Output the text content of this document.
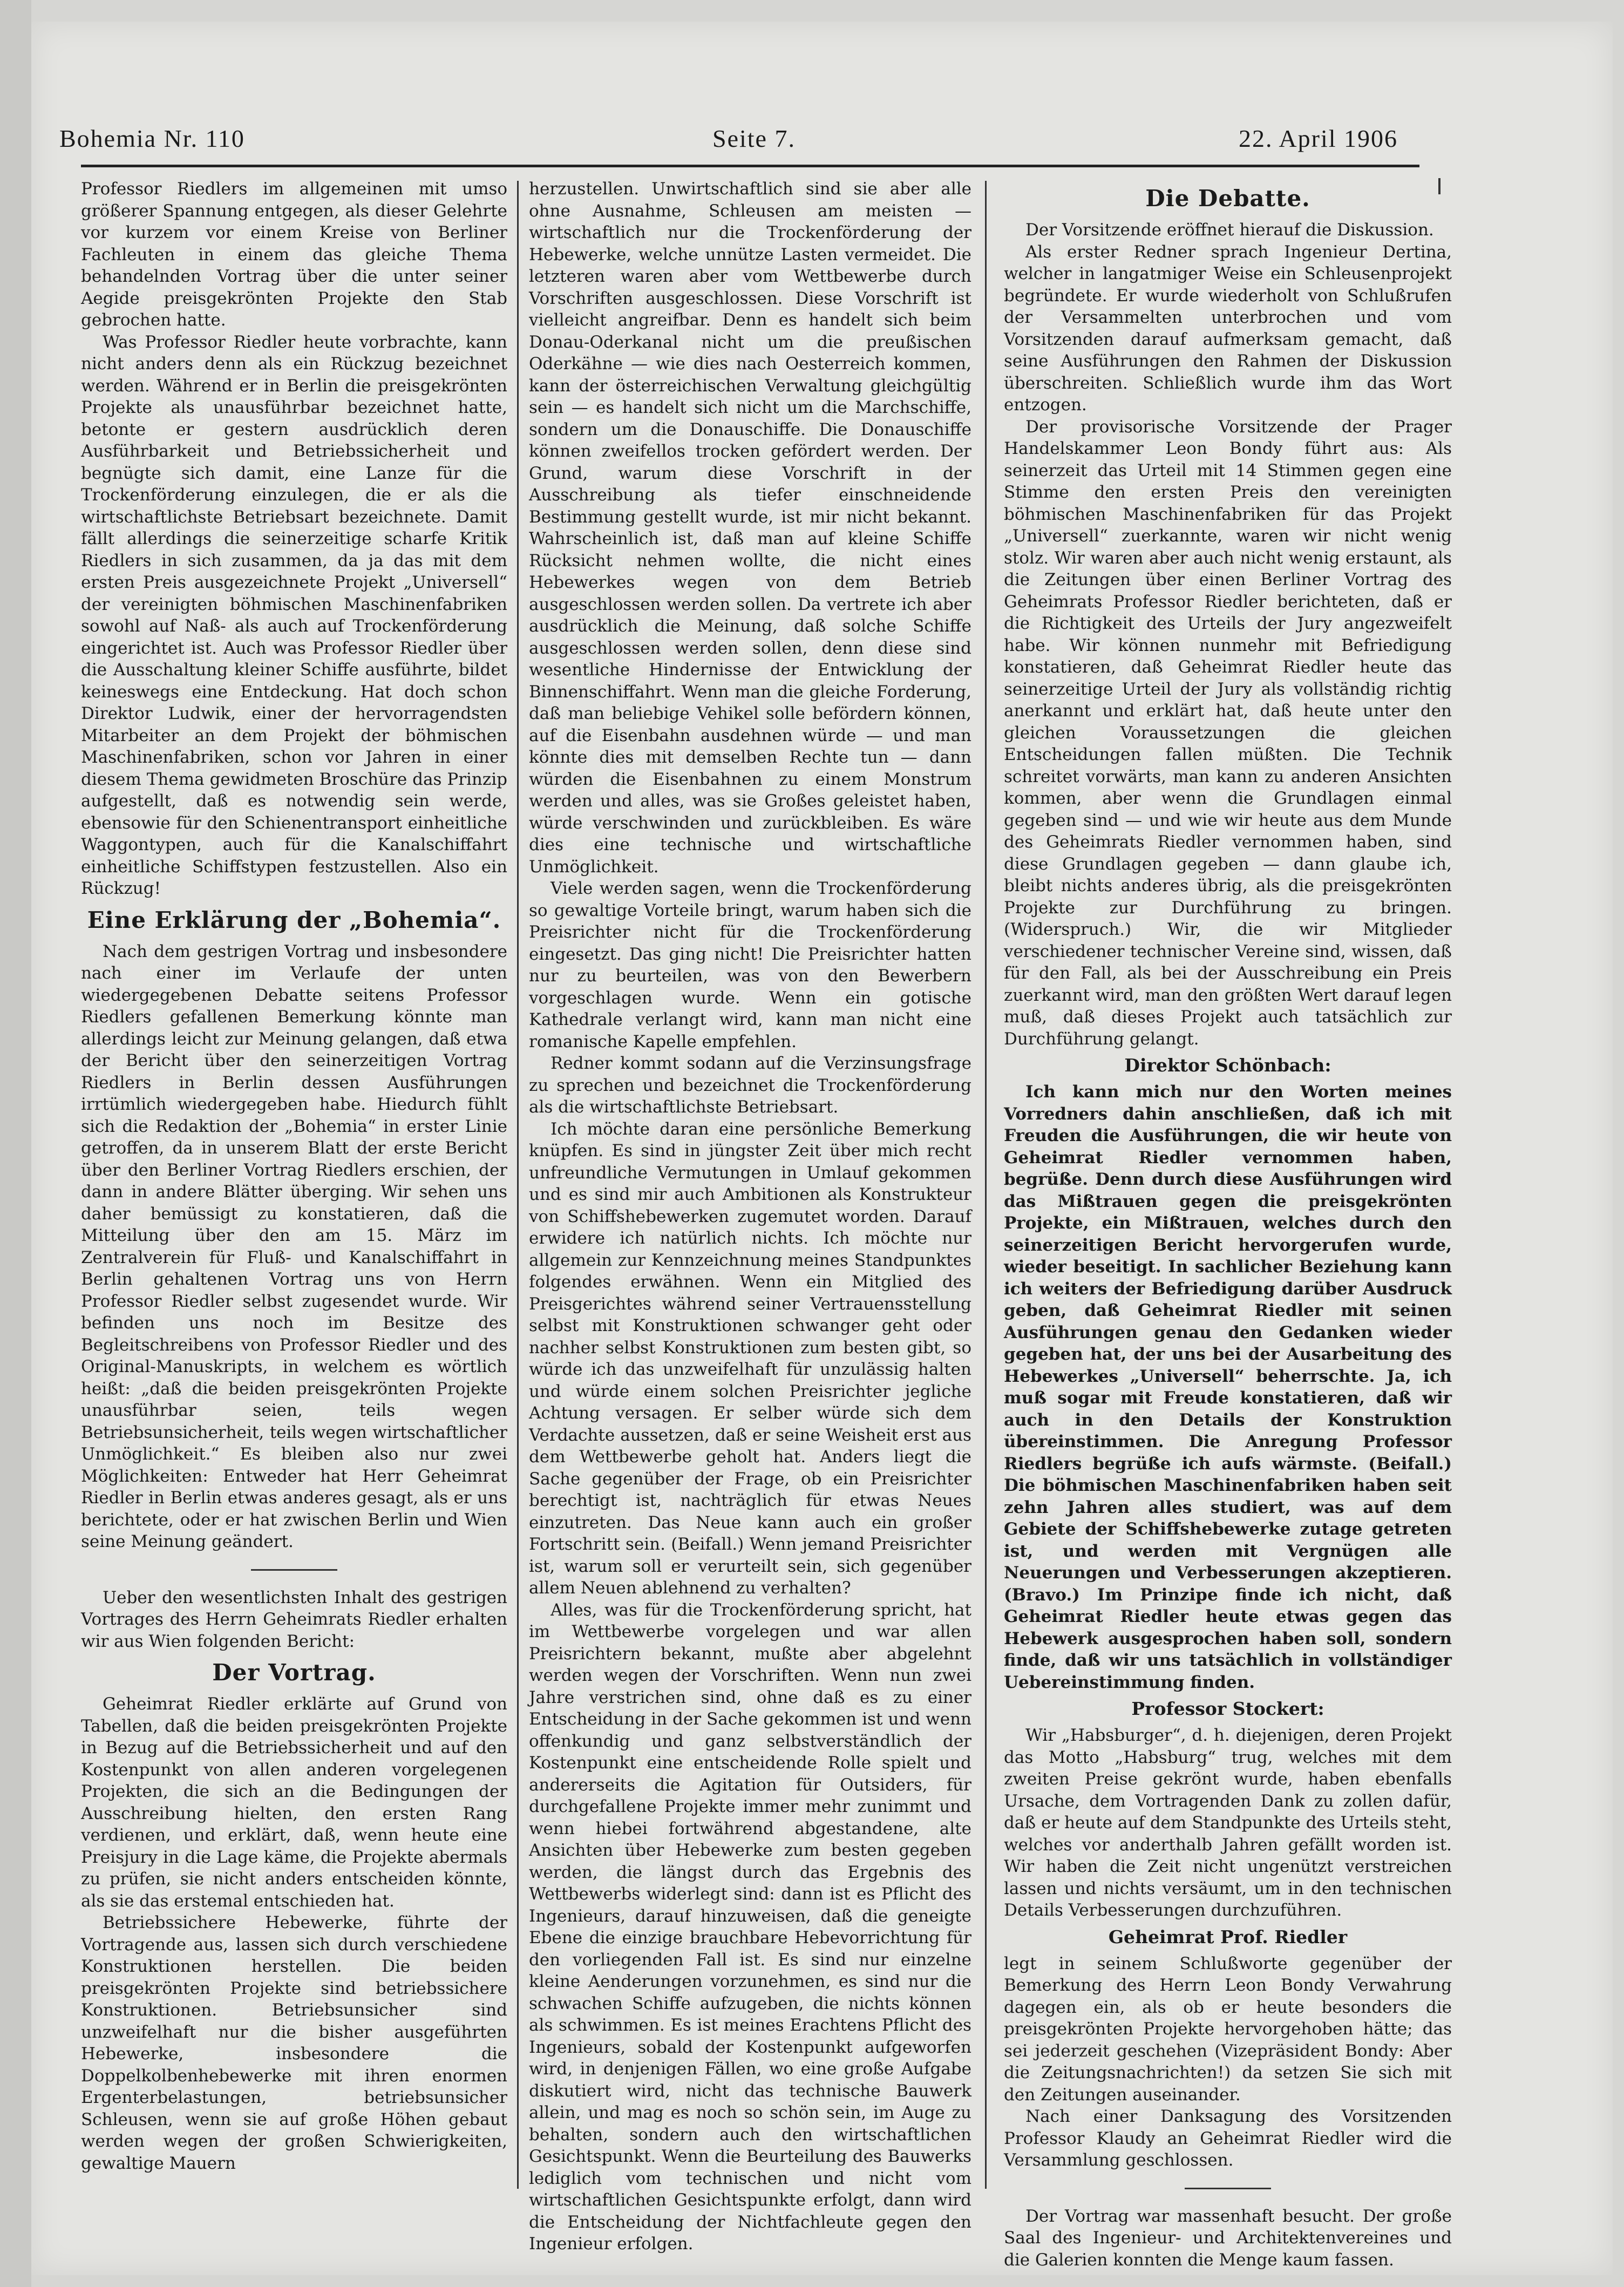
Bohemia Nr. 110	Seite 7.	22. April 1906

Professor Riedlers im allgemeinen mit umso größerer Spannung entgegen, als dieser Gelehrte vor kurzem vor einem Kreise von Berliner Fachleuten in einem das gleiche Thema behandelnden Vortrag über die unter seiner Aegide preisgekrönten Projekte den Stab gebrochen hatte.

Was Professor Riedler heute vorbrachte, kann nicht anders denn als ein Rückzug bezeichnet werden. Während er in Berlin die preisgekrönten Projekte als unausführbar bezeichnet hatte, betonte er gestern ausdrücklich deren Ausführbarkeit und Betriebssicherheit und begnügte sich damit, eine Lanze für die Trockenförderung einzulegen, die er als die wirtschaftlichste Betriebsart bezeichnete. Damit fällt allerdings die seinerzeitige scharfe Kritik Riedlers in sich zusammen, da ja das mit dem ersten Preis ausgezeichnete Projekt „Universell“ der vereinigten böhmischen Maschinenfabriken sowohl auf Naß- als auch auf Trockenförderung eingerichtet ist. Auch was Professor Riedler über die Ausschaltung kleiner Schiffe ausführte, bildet keineswegs eine Entdeckung. Hat doch schon Direktor Ludwik, einer der hervorragendsten Mitarbeiter an dem Projekt der böhmischen Maschinenfabriken, schon vor Jahren in einer diesem Thema gewidmeten Broschüre das Prinzip aufgestellt, daß es notwendig sein werde, ebensowie für den Schienentransport einheitliche Waggontypen, auch für die Kanalschiffahrt einheitliche Schiffstypen festzustellen. Also ein Rückzug!

Eine Erklärung der „Bohemia“.

Nach dem gestrigen Vortrag und insbesondere nach einer im Verlaufe der unten wiedergegebenen Debatte seitens Professor Riedlers gefallenen Bemerkung könnte man allerdings leicht zur Meinung gelangen, daß etwa der Bericht über den seinerzeitigen Vortrag Riedlers in Berlin dessen Ausführungen irrtümlich wiedergegeben habe. Hiedurch fühlt sich die Redaktion der „Bohemia“ in erster Linie getroffen, da in unserem Blatt der erste Bericht über den Berliner Vortrag Riedlers erschien, der dann in andere Blätter überging. Wir sehen uns daher bemüssigt zu konstatieren, daß die Mitteilung über den am 15. März im Zentralverein für Fluß- und Kanalschiffahrt in Berlin gehaltenen Vortrag uns von Herrn Professor Riedler selbst zugesendet wurde. Wir befinden uns noch im Besitze des Begleitschreibens von Professor Riedler und des Original-Manuskripts, in welchem es wörtlich heißt: „daß die beiden preisgekrönten Projekte unausführbar seien, teils wegen Betriebsunsicherheit, teils wegen wirtschaftlicher Unmöglichkeit.“ Es bleiben also nur zwei Möglichkeiten: Entweder hat Herr Geheimrat Riedler in Berlin etwas anderes gesagt, als er uns berichtete, oder er hat zwischen Berlin und Wien seine Meinung geändert.

Ueber den wesentlichsten Inhalt des gestrigen Vortrages des Herrn Geheimrats Riedler erhalten wir aus Wien folgenden Bericht:

Der Vortrag.

Geheimrat Riedler erklärte auf Grund von Tabellen, daß die beiden preisgekrönten Projekte in Bezug auf die Betriebssicherheit und auf den Kostenpunkt von allen anderen vorgelegenen Projekten, die sich an die Bedingungen der Ausschreibung hielten, den ersten Rang verdienen, und erklärt, daß, wenn heute eine Preisjury in die Lage käme, die Projekte abermals zu prüfen, sie nicht anders entscheiden könnte, als sie das erstemal entschieden hat.

Betriebssichere Hebewerke, führte der Vortragende aus, lassen sich durch verschiedene Konstruktionen herstellen. Die beiden preisgekrönten Projekte sind betriebssichere Konstruktionen. Betriebsunsicher sind unzweifelhaft nur die bisher ausgeführten Hebewerke, insbesondere die Doppelkolbenhebewerke mit ihren enormen Ergenterbelastungen, betriebsunsicher Schleusen, wenn sie auf große Höhen gebaut werden wegen der großen Schwierigkeiten, gewaltige Mauern

herzustellen. Unwirtschaftlich sind sie aber alle ohne Ausnahme, Schleusen am meisten — wirtschaftlich nur die Trockenförderung der Hebewerke, welche unnütze Lasten vermeidet. Die letzteren waren aber vom Wettbewerbe durch Vorschriften ausgeschlossen. Diese Vorschrift ist vielleicht angreifbar. Denn es handelt sich beim Donau-Oderkanal nicht um die preußischen Oderkähne — wie dies nach Oesterreich kommen, kann der österreichischen Verwaltung gleichgültig sein — es handelt sich nicht um die Marchschiffe, sondern um die Donauschiffe. Die Donauschiffe können zweifellos trocken gefördert werden. Der Grund, warum diese Vorschrift in der Ausschreibung als tiefer einschneidende Bestimmung gestellt wurde, ist mir nicht bekannt. Wahrscheinlich ist, daß man auf kleine Schiffe Rücksicht nehmen wollte, die nicht eines Hebewerkes wegen von dem Betrieb ausgeschlossen werden sollen. Da vertrete ich aber ausdrücklich die Meinung, daß solche Schiffe ausgeschlossen werden sollen, denn diese sind wesentliche Hindernisse der Entwicklung der Binnenschiffahrt. Wenn man die gleiche Forderung, daß man beliebige Vehikel solle befördern können, auf die Eisenbahn ausdehnen würde — und man könnte dies mit demselben Rechte tun — dann würden die Eisenbahnen zu einem Monstrum werden und alles, was sie Großes geleistet haben, würde verschwinden und zurückbleiben. Es wäre dies eine technische und wirtschaftliche Unmöglichkeit.

Viele werden sagen, wenn die Trockenförderung so gewaltige Vorteile bringt, warum haben sich die Preisrichter nicht für die Trockenförderung eingesetzt. Das ging nicht! Die Preisrichter hatten nur zu beurteilen, was von den Bewerbern vorgeschlagen wurde. Wenn ein gotische Kathedrale verlangt wird, kann man nicht eine romanische Kapelle empfehlen.

Redner kommt sodann auf die Verzinsungsfrage zu sprechen und bezeichnet die Trockenförderung als die wirtschaftlichste Betriebsart.

Ich möchte daran eine persönliche Bemerkung knüpfen. Es sind in jüngster Zeit über mich recht unfreundliche Vermutungen in Umlauf gekommen und es sind mir auch Ambitionen als Konstrukteur von Schiffshebewerken zugemutet worden. Darauf erwidere ich natürlich nichts. Ich möchte nur allgemein zur Kennzeichnung meines Standpunktes folgendes erwähnen. Wenn ein Mitglied des Preisgerichtes während seiner Vertrauensstellung selbst mit Konstruktionen schwanger geht oder nachher selbst Konstruktionen zum besten gibt, so würde ich das unzweifelhaft für unzulässig halten und würde einem solchen Preisrichter jegliche Achtung versagen. Er selber würde sich dem Verdachte aussetzen, daß er seine Weisheit erst aus dem Wettbewerbe geholt hat. Anders liegt die Sache gegenüber der Frage, ob ein Preisrichter berechtigt ist, nachträglich für etwas Neues einzutreten. Das Neue kann auch ein großer Fortschritt sein. (Beifall.) Wenn jemand Preisrichter ist, warum soll er verurteilt sein, sich gegenüber allem Neuen ablehnend zu verhalten?

Alles, was für die Trockenförderung spricht, hat im Wettbewerbe vorgelegen und war allen Preisrichtern bekannt, mußte aber abgelehnt werden wegen der Vorschriften. Wenn nun zwei Jahre verstrichen sind, ohne daß es zu einer Entscheidung in der Sache gekommen ist und wenn offenkundig und ganz selbstverständlich der Kostenpunkt eine entscheidende Rolle spielt und andererseits die Agitation für Outsiders, für durchgefallene Projekte immer mehr zunimmt und wenn hiebei fortwährend abgestandene, alte Ansichten über Hebewerke zum besten gegeben werden, die längst durch das Ergebnis des Wettbewerbs widerlegt sind: dann ist es Pflicht des Ingenieurs, darauf hinzuweisen, daß die geneigte Ebene die einzige brauchbare Hebevorrichtung für den vorliegenden Fall ist. Es sind nur einzelne kleine Aenderungen vorzunehmen, es sind nur die schwachen Schiffe aufzugeben, die nichts können als schwimmen. Es ist meines Erachtens Pflicht des Ingenieurs, sobald der Kostenpunkt aufgeworfen wird, in denjenigen Fällen, wo eine große Aufgabe diskutiert wird, nicht das technische Bauwerk allein, und mag es noch so schön sein, im Auge zu behalten, sondern auch den wirtschaftlichen Gesichtspunkt. Wenn die Beurteilung des Bauwerks lediglich vom technischen und nicht vom wirtschaftlichen Gesichtspunkte erfolgt, dann wird die Entscheidung der Nichtfachleute gegen den Ingenieur erfolgen.

Die Debatte.

Der Vorsitzende eröffnet hierauf die Diskussion.

Als erster Redner sprach Ingenieur Dertina, welcher in langatmiger Weise ein Schleusenprojekt begründete. Er wurde wiederholt von Schlußrufen der Versammelten unterbrochen und vom Vorsitzenden darauf aufmerksam gemacht, daß seine Ausführungen den Rahmen der Diskussion überschreiten. Schließlich wurde ihm das Wort entzogen.

Der provisorische Vorsitzende der Prager Handelskammer Leon Bondy führt aus: Als seinerzeit das Urteil mit 14 Stimmen gegen eine Stimme den ersten Preis den vereinigten böhmischen Maschinenfabriken für das Projekt „Universell“ zuerkannte, waren wir nicht wenig stolz. Wir waren aber auch nicht wenig erstaunt, als die Zeitungen über einen Berliner Vortrag des Geheimrats Professor Riedler berichteten, daß er die Richtigkeit des Urteils der Jury angezweifelt habe. Wir können nunmehr mit Befriedigung konstatieren, daß Geheimrat Riedler heute das seinerzeitige Urteil der Jury als vollständig richtig anerkannt und erklärt hat, daß heute unter den gleichen Voraussetzungen die gleichen Entscheidungen fallen müßten. Die Technik schreitet vorwärts, man kann zu anderen Ansichten kommen, aber wenn die Grundlagen einmal gegeben sind — und wie wir heute aus dem Munde des Geheimrats Riedler vernommen haben, sind diese Grundlagen gegeben — dann glaube ich, bleibt nichts anderes übrig, als die preisgekrönten Projekte zur Durchführung zu bringen. (Widerspruch.) Wir, die wir Mitglieder verschiedener technischer Vereine sind, wissen, daß für den Fall, als bei der Ausschreibung ein Preis zuerkannt wird, man den größten Wert darauf legen muß, daß dieses Projekt auch tatsächlich zur Durchführung gelangt.

Direktor Schönbach:

Ich kann mich nur den Worten meines Vorredners dahin anschließen, daß ich mit Freuden die Ausführungen, die wir heute von Geheimrat Riedler vernommen haben, begrüße. Denn durch diese Ausführungen wird das Mißtrauen gegen die preisgekrönten Projekte, ein Mißtrauen, welches durch den seinerzeitigen Bericht hervorgerufen wurde, wieder beseitigt. In sachlicher Beziehung kann ich weiters der Befriedigung darüber Ausdruck geben, daß Geheimrat Riedler mit seinen Ausführungen genau den Gedanken wieder gegeben hat, der uns bei der Ausarbeitung des Hebewerkes „Universell“ beherrschte. Ja, ich muß sogar mit Freude konstatieren, daß wir auch in den Details der Konstruktion übereinstimmen. Die Anregung Professor Riedlers begrüße ich aufs wärmste. (Beifall.) Die böhmischen Maschinenfabriken haben seit zehn Jahren alles studiert, was auf dem Gebiete der Schiffshebewerke zutage getreten ist, und werden mit Vergnügen alle Neuerungen und Verbesserungen akzeptieren. (Bravo.) Im Prinzipe finde ich nicht, daß Geheimrat Riedler heute etwas gegen das Hebewerk ausgesprochen haben soll, sondern finde, daß wir uns tatsächlich in vollständiger Uebereinstimmung finden.

Professor Stockert:

Wir „Habsburger“, d. h. diejenigen, deren Projekt das Motto „Habsburg“ trug, welches mit dem zweiten Preise gekrönt wurde, haben ebenfalls Ursache, dem Vortragenden Dank zu zollen dafür, daß er heute auf dem Standpunkte des Urteils steht, welches vor anderthalb Jahren gefällt worden ist. Wir haben die Zeit nicht ungenützt verstreichen lassen und nichts versäumt, um in den technischen Details Verbesserungen durchzuführen.

Geheimrat Prof. Riedler

legt in seinem Schlußworte gegenüber der Bemerkung des Herrn Leon Bondy Verwahrung dagegen ein, als ob er heute besonders die preisgekrönten Projekte hervorgehoben hätte; das sei jederzeit geschehen (Vizepräsident Bondy: Aber die Zeitungsnachrichten!) da setzen Sie sich mit den Zeitungen auseinander.

Nach einer Danksagung des Vorsitzenden Professor Klaudy an Geheimrat Riedler wird die Versammlung geschlossen.

Der Vortrag war massenhaft besucht. Der große Saal des Ingenieur- und Architektenvereines und die Galerien konnten die Menge kaum fassen.
